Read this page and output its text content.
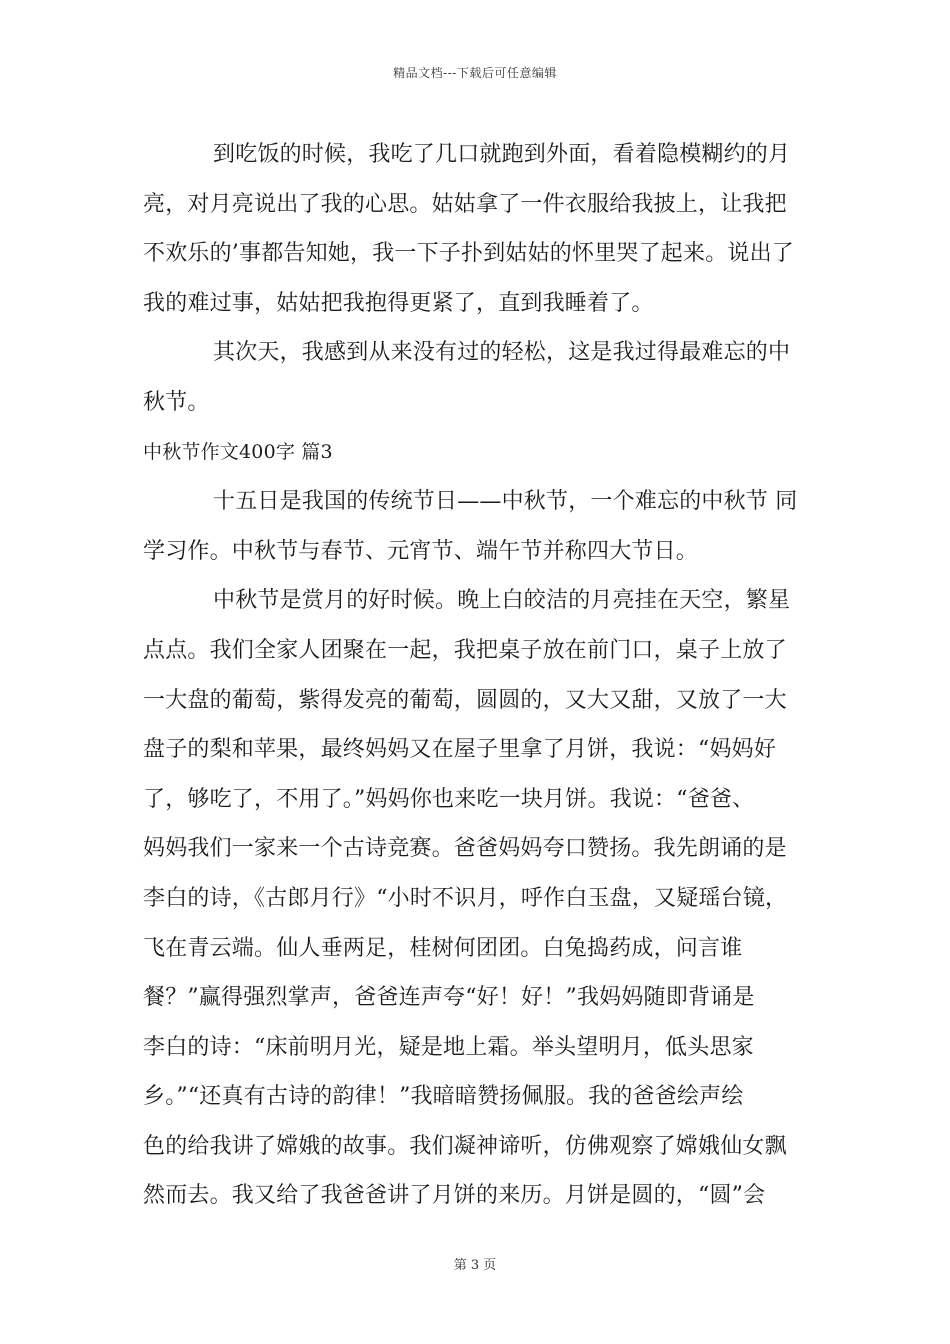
精品文档---下载后可任意编辑
到吃饭的时候，我吃了几口就跑到外面，看着隐模糊约的月
亮，对月亮说出了我的心思。姑姑拿了一件衣服给我披上，让我把
不欢乐的’事都告知她，我一下子扑到姑姑的怀里哭了起来。说出了
我的难过事，姑姑把我抱得更紧了，直到我睡着了。
其次天，我感到从来没有过的轻松，这是我过得最难忘的中
秋节。
中秋节作文400字 篇3
十五日是我国的传统节日——中秋节，一个难忘的中秋节 同
学习作。中秋节与春节、元宵节、端午节并称四大节日。
中秋节是赏月的好时候。晚上白皎洁的月亮挂在天空，繁星
点点。我们全家人团聚在一起，我把桌子放在前门口，桌子上放了
一大盘的葡萄，紫得发亮的葡萄，圆圆的，又大又甜，又放了一大
盘子的梨和苹果，最终妈妈又在屋子里拿了月饼，我说：“妈妈好
了，够吃了，不用了。”妈妈你也来吃一块月饼。我说：“爸爸、
妈妈我们一家来一个古诗竞赛。爸爸妈妈夸口赞扬。我先朗诵的是
李白的诗，《古郎月行》“小时不识月，呼作白玉盘，又疑瑶台镜，
飞在青云端。仙人垂两足，桂树何团团。白兔捣药成，问言谁
餐？”赢得强烈掌声，爸爸连声夸“好！好！”我妈妈随即背诵是
李白的诗：“床前明月光，疑是地上霜。举头望明月，低头思家
乡。”“还真有古诗的韵律！”我暗暗赞扬佩服。我的爸爸绘声绘
色的给我讲了嫦娥的故事。我们凝神谛听，仿佛观察了嫦娥仙女飘
然而去。我又给了我爸爸讲了月饼的来历。月饼是圆的，“圆”会
第 3 页
